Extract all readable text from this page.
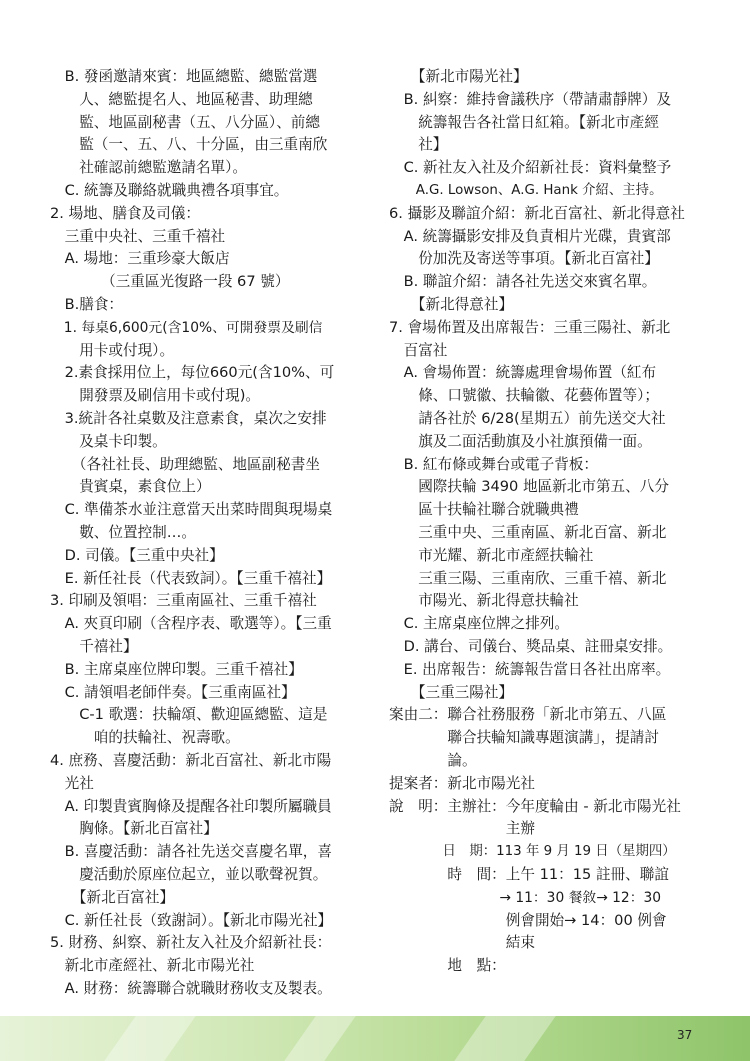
　B. 發函邀請來賓：地區總監、總監當選
　　人、總監提名人、地區秘書、助理總
　　監、地區副秘書（五、八分區）、前總
　　監（一、五、八、十分區，由三重南欣
　　社確認前總監邀請名單）。
　C. 統籌及聯絡就職典禮各項事宜。
2. 場地、膳食及司儀：
　三重中央社、三重千禧社
　A. 場地：三重珍豪大飯店
　　　　（三重區光復路一段 67 號）
　B.膳食：
　1. 每桌6,600元(含10%、可開發票及刷信
　　用卡或付現）。
　2.素食採用位上，每位660元(含10%、可
　　開發票及刷信用卡或付現)。
　3.統計各社桌數及注意素食，桌次之安排
　　及桌卡印製。
　　（各社社長、助理總監、地區副秘書坐
　　貴賓桌，素食位上）
　C. 準備茶水並注意當天出菜時間與現場桌
　　數、位置控制…。
　D. 司儀。【三重中央社】
　E. 新任社長（代表致詞）。【三重千禧社】
3. 印刷及領唱：三重南區社、三重千禧社
　A. 夾頁印刷（含程序表、歌選等）。【三重
　　千禧社】
　B. 主席桌座位牌印製。三重千禧社】
　C. 請領唱老師伴奏。【三重南區社】
　　C-1 歌選：扶輪頌、歡迎區總監、這是
　　　咱的扶輪社、祝壽歌。
4. 庶務、喜慶活動：新北百富社、新北市陽
　光社
　A. 印製貴賓胸條及提醒各社印製所屬職員
　　胸條。【新北百富社】
　B. 喜慶活動：請各社先送交喜慶名單，喜
　　慶活動於原座位起立，並以歌聲祝賀。
　　【新北百富社】
　C. 新任社長（致謝詞）。【新北市陽光社】
5. 財務、糾察、新社友入社及介紹新社長：
　新北市產經社、新北市陽光社
　A. 財務：統籌聯合就職財務收支及製表。
　　【新北市陽光社】
　B. 糾察：維持會議秩序（帶請肅靜牌）及
　　統籌報告各社當日紅箱。【新北市產經
　　社】
　C. 新社友入社及介紹新社長：資料彙整予
　　A.G. Lowson、A.G. Hank 介紹、主持。
6. 攝影及聯誼介紹：新北百富社、新北得意社
　A. 統籌攝影安排及負責相片光碟，貴賓部
　　份加洗及寄送等事項。【新北百富社】
　B. 聯誼介紹：請各社先送交來賓名單。
　　【新北得意社】
7. 會場佈置及出席報告：三重三陽社、新北
　百富社
　A. 會場佈置：統籌處理會場佈置（紅布
　　條、口號徽、扶輪徽、花藝佈置等）；
　　請各社於 6/28(星期五）前先送交大社
　　旗及二面活動旗及小社旗預備一面。
　B. 紅布條或舞台或電子背板：
　　國際扶輪 3490 地區新北市第五、八分
　　區十扶輪社聯合就職典禮
　　三重中央、三重南區、新北百富、新北
　　市光耀、新北市產經扶輪社
　　三重三陽、三重南欣、三重千禧、新北
　　市陽光、新北得意扶輪社
　C. 主席桌座位牌之排列。
　D. 講台、司儀台、獎品桌、註冊桌安排。
　E. 出席報告：統籌報告當日各社出席率。
　　【三重三陽社】
案由二：聯合社務服務「新北市第五、八區
　　　　聯合扶輪知識專題演講」，提請討
　　　　論。
提案者：新北市陽光社
說　明：主辦社：今年度輪由 - 新北市陽光社
　　　　　　　　主辦
　　　　日　期：113 年 9 月 19 日（星期四）
　　　　時　間：上午 11：15 註冊、聯誼
　　　　　　　　→ 11：30 餐敘→ 12：30
　　　　　　　　例會開始→ 14：00 例會
　　　　　　　　結束
　　　　地　點：
37
